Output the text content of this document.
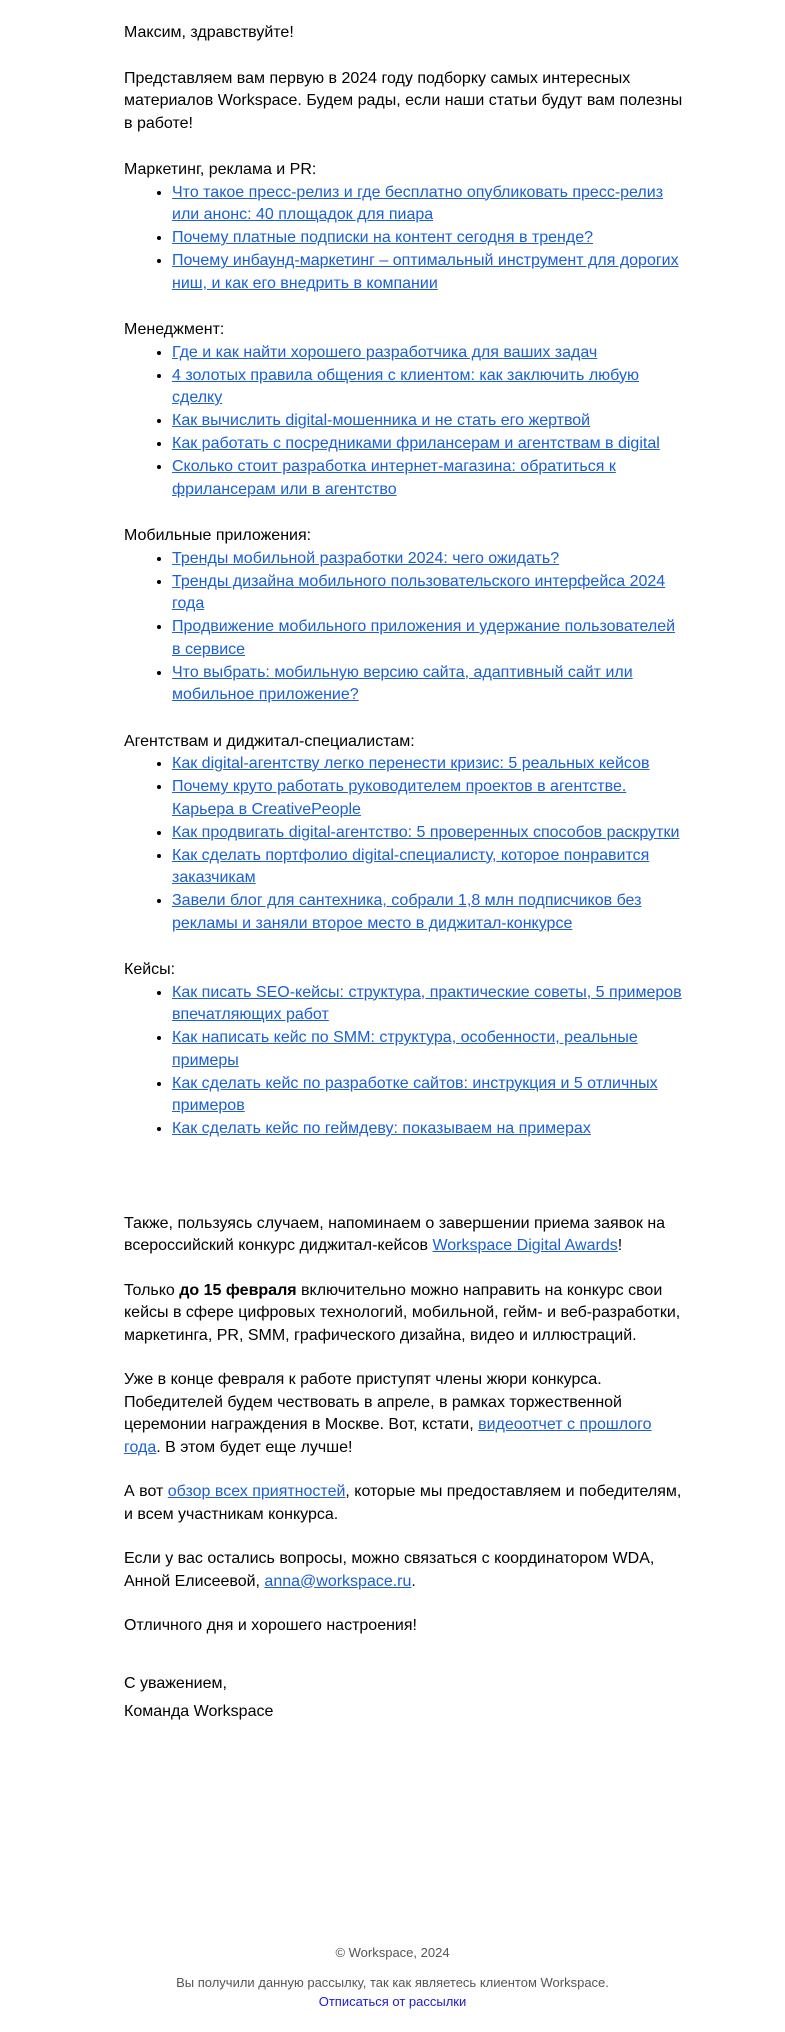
Максим, здравствуйте!

Представляем вам первую в 2024 году подборку самых интересных материалов Workspace. Будем рады, если наши статьи будут вам полезны в работе!

Маркетинг, реклама и PR:

• Что такое пресс-релиз и где бесплатно опубликовать пресс-релиз или анонс: 40 площадок для пиара
• Почему платные подписки на контент сегодня в тренде?
• Почему инбаунд-маркетинг – оптимальный инструмент для дорогих ниш, и как его внедрить в компании

Менеджмент:

• Где и как найти хорошего разработчика для ваших задач
• 4 золотых правила общения с клиентом: как заключить любую сделку
• Как вычислить digital-мошенника и не стать его жертвой
• Как работать с посредниками фрилансерам и агентствам в digital
• Сколько стоит разработка интернет-магазина: обратиться к фрилансерам или в агентство

Мобильные приложения:

• Тренды мобильной разработки 2024: чего ожидать?
• Тренды дизайна мобильного пользовательского интерфейса 2024 года
• Продвижение мобильного приложения и удержание пользователей в сервисе
• Что выбрать: мобильную версию сайта, адаптивный сайт или мобильное приложение?

Агентствам и диджитал-специалистам:

• Как digital-агентству легко перенести кризис: 5 реальных кейсов
• Почему круто работать руководителем проектов в агентстве. Карьера в CreativePeople
• Как продвигать digital-агентство: 5 проверенных способов раскрутки
• Как сделать портфолио digital-специалисту, которое понравится заказчикам
• Завели блог для сантехника, собрали 1,8 млн подписчиков без рекламы и заняли второе место в диджитал-конкурсе

Кейсы:

• Как писать SEO-кейсы: структура, практические советы, 5 примеров впечатляющих работ
• Как написать кейс по SMM: структура, особенности, реальные примеры
• Как сделать кейс по разработке сайтов: инструкция и 5 отличных примеров
• Как сделать кейс по геймдеву: показываем на примерах

Также, пользуясь случаем, напоминаем о завершении приема заявок на всероссийский конкурс диджитал-кейсов Workspace Digital Awards!

Только до 15 февраля включительно можно направить на конкурс свои кейсы в сфере цифровых технологий, мобильной, гейм- и веб-разработки, маркетинга, PR, SMM, графического дизайна, видео и иллюстраций.

Уже в конце февраля к работе приступят члены жюри конкурса. Победителей будем чествовать в апреле, в рамках торжественной церемонии награждения в Москве. Вот, кстати, видеоотчет с прошлого года. В этом будет еще лучше!

А вот обзор всех приятностей, которые мы предоставляем и победителям, и всем участникам конкурса.

Если у вас остались вопросы, можно связаться с координатором WDA, Анной Елисеевой, anna@workspace.ru.

Отличного дня и хорошего настроения!

С уважением,
Команда Workspace
© Workspace, 2024
Вы получили данную рассылку, так как являетесь клиентом Workspace.
Отписаться от рассылки
